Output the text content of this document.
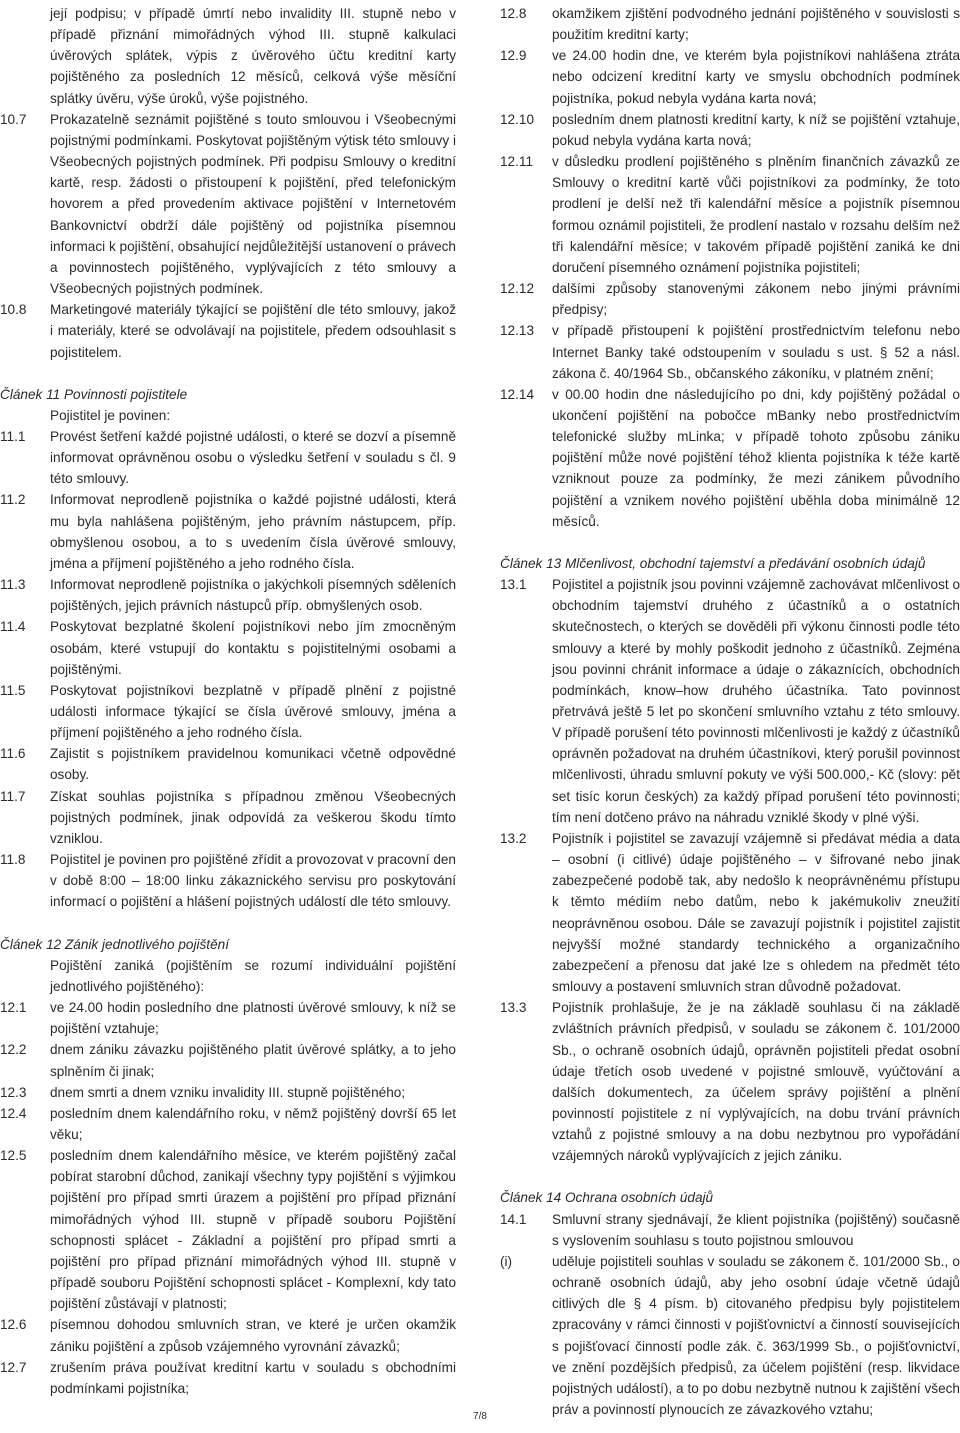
její podpisu; v případě úmrtí nebo invalidity III. stupně nebo v případě přiznání mimořádných výhod III. stupně kalkulaci úvěrových splátek, výpis z úvěrového účtu kreditní karty pojištěného za posledních 12 měsíců, celková výše měsíční splátky úvěru, výše úroků, výše pojistného.
10.7 Prokazatelně seznámit pojištěné s touto smlouvou i Všeobecnými pojistnými podmínkami. Poskytovat pojištěným výtisk této smlouvy i Všeobecných pojistných podmínek. Při podpisu Smlouvy o kreditní kartě, resp. žádosti o přistoupení k pojištění, před telefonickým hovorem a před provedením aktivace pojištění v Internetovém Bankovnictví obdrží dále pojištěný od pojistníka písemnou informaci k pojištění, obsahující nejdůležitější ustanovení o právech a povinnostech pojištěného, vyplývajících z této smlouvy a Všeobecných pojistných podmínek.
10.8 Marketingové materiály týkající se pojištění dle této smlouvy, jakož i materiály, které se odvolávají na pojistitele, předem odsouhlasit s pojistitelem.
Článek 11 Povinnosti pojistitele
Pojistitel je povinen:
11.1 Provést šetření každé pojistné události, o které se dozví a písemně informovat oprávněnou osobu o výsledku šetření v souladu s čl. 9 této smlouvy.
11.2 Informovat neprodleně pojistníka o každé pojistné události, která mu byla nahlášena pojištěným, jeho právním nástupcem, příp. obmyšlenou osobou, a to s uvedením čísla úvěrové smlouvy, jména a příjmení pojištěného a jeho rodného čísla.
11.3 Informovat neprodleně pojistníka o jakýchkoli písemných sděleních pojištěných, jejich právních nástupců příp. obmyšlených osob.
11.4 Poskytovat bezplatné školení pojistníkovi nebo jím zmocněným osobám, které vstupují do kontaktu s pojistitelnými osobami a pojištěnými.
11.5 Poskytovat pojistníkovi bezplatně v případě plnění z pojistné události informace týkající se čísla úvěrové smlouvy, jména a příjmení pojištěného a jeho rodného čísla.
11.6 Zajistit s pojistníkem pravidelnou komunikaci včetně odpovědné osoby.
11.7 Získat souhlas pojistníka s případnou změnou Všeobecných pojistných podmínek, jinak odpovídá za veškerou škodu tímto vzniklou.
11.8 Pojistitel je povinen pro pojištěné zřídit a provozovat v pracovní den v době 8:00 – 18:00 linku zákaznického servisu pro poskytování informací o pojištění a hlášení pojistných událostí dle této smlouvy.
Článek 12 Zánik jednotlivého pojištění
Pojištění zaniká (pojištěním se rozumí individuální pojištění jednotlivého pojištěného):
12.1 ve 24.00 hodin posledního dne platnosti úvěrové smlouvy, k níž se pojištění vztahuje;
12.2 dnem zániku závazku pojištěného platit úvěrové splátky, a to jeho splněním či jinak;
12.3 dnem smrti a dnem vzniku invalidity III. stupně pojištěného;
12.4 posledním dnem kalendářního roku, v němž pojištěný dovrší 65 let věku;
12.5 posledním dnem kalendářního měsíce, ve kterém pojištěný začal pobírat starobní důchod, zanikají všechny typy pojištění s výjimkou pojištění pro případ smrti úrazem a pojištění pro případ přiznání mimořádných výhod III. stupně v případě souboru Pojištění schopnosti splácet - Základní a pojištění pro případ smrti a pojištění pro případ přiznání mimořádných výhod III. stupně v případě souboru Pojištění schopnosti splácet - Komplexní, kdy tato pojištění zůstávají v platnosti;
12.6 písemnou dohodou smluvních stran, ve které je určen okamžik zániku pojištění a způsob vzájemného vyrovnání závazků;
12.7 zrušením práva používat kreditní kartu v souladu s obchodními podmínkami pojistníka;
12.8 okamžikem zjištění podvodného jednání pojištěného v souvislosti s použitím kreditní karty;
12.9 ve 24.00 hodin dne, ve kterém byla pojistníkovi nahlášena ztráta nebo odcizení kreditní karty ve smyslu obchodních podmínek pojistníka, pokud nebyla vydána karta nová;
12.10 posledním dnem platnosti kreditní karty, k níž se pojištění vztahuje, pokud nebyla vydána karta nová;
12.11 v důsledku prodlení pojištěného s plněním finančních závazků ze Smlouvy o kreditní kartě vůči pojistníkovi za podmínky, že toto prodlení je delší než tři kalendářní měsíce a pojistník písemnou formou oznámil pojistiteli, že prodlení nastalo v rozsahu delším než tři kalendářní měsíce; v takovém případě pojištění zaniká ke dni doručení písemného oznámení pojistníka pojistiteli;
12.12 dalšími způsoby stanovenými zákonem nebo jinými právními předpisy;
12.13 v případě přistoupení k pojištění prostřednictvím telefonu nebo Internet Banky také odstoupením v souladu s ust. § 52 a násl. zákona č. 40/1964 Sb., občanského zákoníku, v platném znění;
12.14 v 00.00 hodin dne následujícího po dni, kdy pojištěný požádal o ukončení pojištění na pobočce mBanky nebo prostřednictvím telefonické služby mLinka; v případě tohoto způsobu zániku pojištění může nové pojištění téhož klienta pojistníka k téže kartě vzniknout pouze za podmínky, že mezi zánikem původního pojištění a vznikem nového pojištění uběhla doba minimálně 12 měsíců.
Článek 13 Mlčenlivost, obchodní tajemství a předávání osobních údajů
13.1 Pojistitel a pojistník jsou povinni vzájemně zachovávat mlčenlivost o obchodním tajemství druhého z účastníků a o ostatních skutečnostech, o kterých se dověděli při výkonu činnosti podle této smlouvy a které by mohly poškodit jednoho z účastníků. Zejména jsou povinni chránit informace a údaje o zákaznících, obchodních podmínkách, know–how druhého účastníka. Tato povinnost přetrvává ještě 5 let po skončení smluvního vztahu z této smlouvy. V případě porušení této povinnosti mlčenlivosti je každý z účastníků oprávněn požadovat na druhém účastníkovi, který porušil povinnost mlčenlivosti, úhradu smluvní pokuty ve výši 500.000,- Kč (slovy: pět set tisíc korun českých) za každý případ porušení této povinnosti; tím není dotčeno právo na náhradu vzniklé škody v plné výši.
13.2 Pojistník i pojistitel se zavazují vzájemně si předávat média a data – osobní (i citlivé) údaje pojištěného – v šifrované nebo jinak zabezpečené podobě tak, aby nedošlo k neoprávněnému přístupu k těmto médiím nebo datům, nebo k jakémukoliv zneužití neoprávněnou osobou. Dále se zavazují pojistník i pojistitel zajistit nejvyšší možné standardy technického a organizačního zabezpečení a přenosu dat jaké lze s ohledem na předmět této smlouvy a postavení smluvních stran důvodně požadovat.
13.3 Pojistník prohlašuje, že je na základě souhlasu či na základě zvláštních právních předpisů, v souladu se zákonem č. 101/2000 Sb., o ochraně osobních údajů, oprávněn pojistiteli předat osobní údaje třetích osob uvedené v pojistné smlouvě, vyúčtování a dalších dokumentech, za účelem správy pojištění a plnění povinností pojistitele z ní vyplývajících, na dobu trvání právních vztahů z pojistné smlouvy a na dobu nezbytnou pro vypořádání vzájemných nároků vyplývajících z jejich zániku.
Článek 14 Ochrana osobních údajů
14.1 Smluvní strany sjednávají, že klient pojistníka (pojištěný) současně s vyslovením souhlasu s touto pojistnou smlouvou
(i)	uděluje pojistiteli souhlas v souladu se zákonem č. 101/2000 Sb., o ochraně osobních údajů, aby jeho osobní údaje včetně údajů citlivých dle § 4 písm. b) citovaného předpisu byly pojistitelem zpracovány v rámci činnosti v pojišťovnictví a činností souvisejících s pojišťovací činností podle zák. č. 363/1999 Sb., o pojišťovnictví, ve znění pozdějších předpisů, za účelem pojištění (resp. likvidace pojistných událostí), a to po dobu nezbytně nutnou k zajištění všech práv a povinností plynoucích ze závazkového vztahu;
7/8
